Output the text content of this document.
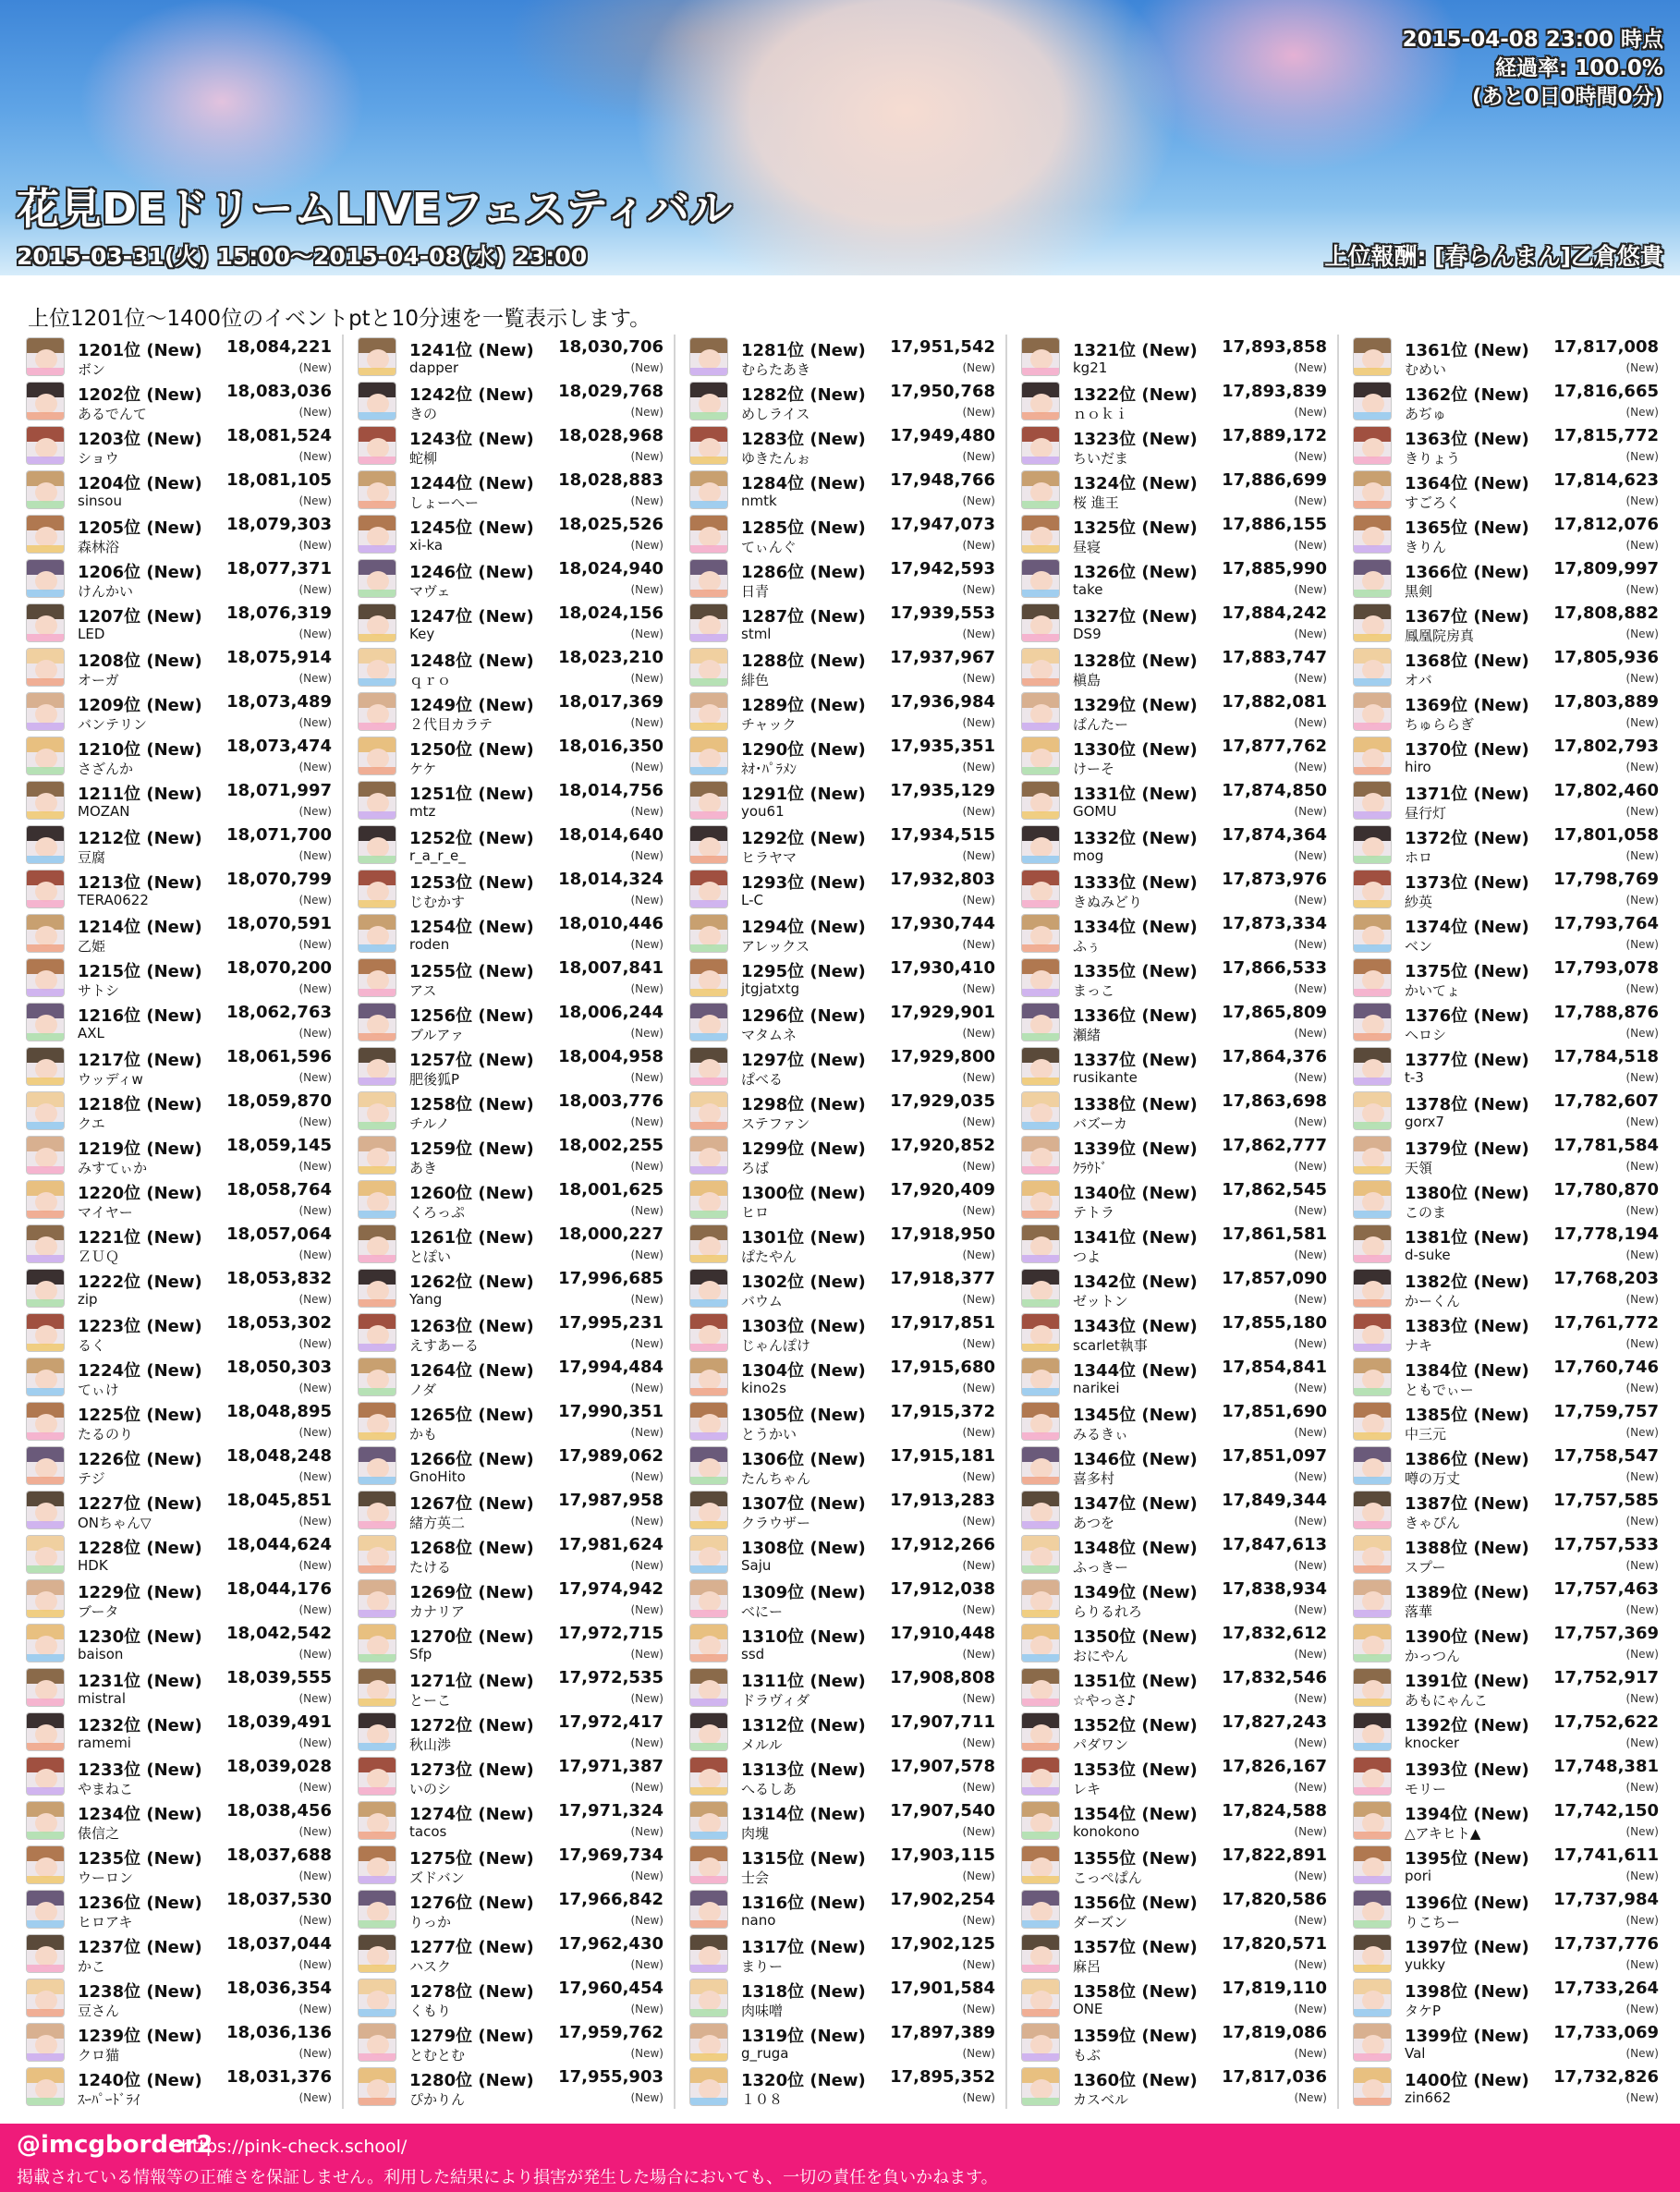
2015-04-08 23:00 時点
経過率: 100.0%
(あと0日0時間0分)
花見DEドリームLIVEフェスティバル
2015-03-31(火) 15:00～2015-04-08(水) 23:00	上位報酬: [春らんまん]乙倉悠貴
上位1201位～1400位のイベントptと10分速を一覧表示します。
1201位 (New) 18,084,221
ボン	(New)
1202位 (New) 18,083,036
あるでんて	(New)
1203位 (New) 18,081,524
ショウ	(New)
1204位 (New) 18,081,105
sinsou	(New)
1205位 (New) 18,079,303
森林浴	(New)
1206位 (New) 18,077,371
けんかい	(New)
1207位 (New) 18,076,319
LED	(New)
1208位 (New) 18,075,914
オーガ	(New)
1209位 (New) 18,073,489
バンテリン	(New)
1210位 (New) 18,073,474
さざんか	(New)
1211位 (New) 18,071,997
MOZAN	(New)
1212位 (New) 18,071,700
豆腐	(New)
1213位 (New) 18,070,799
TERA0622	(New)
1214位 (New) 18,070,591
乙姫	(New)
1215位 (New) 18,070,200
サトシ	(New)
1216位 (New) 18,062,763
AXL	(New)
1217位 (New) 18,061,596
ウッディw	(New)
1218位 (New) 18,059,870
クエ	(New)
1219位 (New) 18,059,145
みすてぃか	(New)
1220位 (New) 18,058,764
マイヤー	(New)
1221位 (New) 18,057,064
ＺＵＱ	(New)
1222位 (New) 18,053,832
zip	(New)
1223位 (New) 18,053,302
るく	(New)
1224位 (New) 18,050,303
てぃけ	(New)
1225位 (New) 18,048,895
たるのり	(New)
1226位 (New) 18,048,248
テジ	(New)
1227位 (New) 18,045,851
ONちゃん▽	(New)
1228位 (New) 18,044,624
HDK	(New)
1229位 (New) 18,044,176
ブータ	(New)
1230位 (New) 18,042,542
baison	(New)
1231位 (New) 18,039,555
mistral	(New)
1232位 (New) 18,039,491
ramemi	(New)
1233位 (New) 18,039,028
やまねこ	(New)
1234位 (New) 18,038,456
俵信之	(New)
1235位 (New) 18,037,688
ウーロン	(New)
1236位 (New) 18,037,530
ヒロアキ	(New)
1237位 (New) 18,037,044
かこ	(New)
1238位 (New) 18,036,354
豆さん	(New)
1239位 (New) 18,036,136
クロ猫	(New)
1240位 (New) 18,031,376
ｽｰﾊﾟｰﾄﾞﾗｲ	(New)
1241位 (New) 18,030,706
dapper	(New)
1242位 (New) 18,029,768
きの	(New)
1243位 (New) 18,028,968
蛇柳	(New)
1244位 (New) 18,028,883
しょーへー	(New)
1245位 (New) 18,025,526
xi-ka	(New)
1246位 (New) 18,024,940
マヴェ	(New)
1247位 (New) 18,024,156
Key	(New)
1248位 (New) 18,023,210
ｑｒｏ	(New)
1249位 (New) 18,017,369
２代目カラテ	(New)
1250位 (New) 18,016,350
ケケ	(New)
1251位 (New) 18,014,756
mtz	(New)
1252位 (New) 18,014,640
r_a_r_e_	(New)
1253位 (New) 18,014,324
じむかす	(New)
1254位 (New) 18,010,446
roden	(New)
1255位 (New) 18,007,841
アス	(New)
1256位 (New) 18,006,244
ブルアァ	(New)
1257位 (New) 18,004,958
肥後狐P	(New)
1258位 (New) 18,003,776
チルノ	(New)
1259位 (New) 18,002,255
あき	(New)
1260位 (New) 18,001,625
くろっぷ	(New)
1261位 (New) 18,000,227
とぽい	(New)
1262位 (New) 17,996,685
Yang	(New)
1263位 (New) 17,995,231
えすあーる	(New)
1264位 (New) 17,994,484
ノダ	(New)
1265位 (New) 17,990,351
かも	(New)
1266位 (New) 17,989,062
GnoHito	(New)
1267位 (New) 17,987,958
緒方英二	(New)
1268位 (New) 17,981,624
たける	(New)
1269位 (New) 17,974,942
カナリア	(New)
1270位 (New) 17,972,715
Sfp	(New)
1271位 (New) 17,972,535
とーこ	(New)
1272位 (New) 17,972,417
秋山渉	(New)
1273位 (New) 17,971,387
いのシ	(New)
1274位 (New) 17,971,324
tacos	(New)
1275位 (New) 17,969,734
ズドバン	(New)
1276位 (New) 17,966,842
りっか	(New)
1277位 (New) 17,962,430
ハスク	(New)
1278位 (New) 17,960,454
くもり	(New)
1279位 (New) 17,959,762
とむとむ	(New)
1280位 (New) 17,955,903
ぴかりん	(New)
1281位 (New) 17,951,542
むらたあき	(New)
1282位 (New) 17,950,768
めしライス	(New)
1283位 (New) 17,949,480
ゆきたんぉ	(New)
1284位 (New) 17,948,766
nmtk	(New)
1285位 (New) 17,947,073
てぃんぐ	(New)
1286位 (New) 17,942,593
日青	(New)
1287位 (New) 17,939,553
stml	(New)
1288位 (New) 17,937,967
緋色	(New)
1289位 (New) 17,936,984
チャック	(New)
1290位 (New) 17,935,351
ﾈｵ･ﾊﾟﾗﾒﾝ	(New)
1291位 (New) 17,935,129
you61	(New)
1292位 (New) 17,934,515
ヒラヤマ	(New)
1293位 (New) 17,932,803
L-C	(New)
1294位 (New) 17,930,744
アレックス	(New)
1295位 (New) 17,930,410
jtgjatxtg	(New)
1296位 (New) 17,929,901
マタムネ	(New)
1297位 (New) 17,929,800
ぱべる	(New)
1298位 (New) 17,929,035
ステファン	(New)
1299位 (New) 17,920,852
ろば	(New)
1300位 (New) 17,920,409
ヒロ	(New)
1301位 (New) 17,918,950
ぱたやん	(New)
1302位 (New) 17,918,377
バウム	(New)
1303位 (New) 17,917,851
じゃんぽけ	(New)
1304位 (New) 17,915,680
kino2s	(New)
1305位 (New) 17,915,372
とうかい	(New)
1306位 (New) 17,915,181
たんちゃん	(New)
1307位 (New) 17,913,283
クラウザー	(New)
1308位 (New) 17,912,266
Saju	(New)
1309位 (New) 17,912,038
べにー	(New)
1310位 (New) 17,910,448
ssd	(New)
1311位 (New) 17,908,808
ドラヴィダ	(New)
1312位 (New) 17,907,711
メルル	(New)
1313位 (New) 17,907,578
へるしあ	(New)
1314位 (New) 17,907,540
肉塊	(New)
1315位 (New) 17,903,115
士会	(New)
1316位 (New) 17,902,254
nano	(New)
1317位 (New) 17,902,125
まりー	(New)
1318位 (New) 17,901,584
肉味噌	(New)
1319位 (New) 17,897,389
g_ruga	(New)
1320位 (New) 17,895,352
１０８	(New)
1321位 (New) 17,893,858
kg21	(New)
1322位 (New) 17,893,839
ｎｏｋｉ	(New)
1323位 (New) 17,889,172
ちいだま	(New)
1324位 (New) 17,886,699
桜 進王	(New)
1325位 (New) 17,886,155
昼寝	(New)
1326位 (New) 17,885,990
take	(New)
1327位 (New) 17,884,242
DS9	(New)
1328位 (New) 17,883,747
槇島	(New)
1329位 (New) 17,882,081
ぱんたー	(New)
1330位 (New) 17,877,762
けーそ	(New)
1331位 (New) 17,874,850
GOMU	(New)
1332位 (New) 17,874,364
mog	(New)
1333位 (New) 17,873,976
きぬみどり	(New)
1334位 (New) 17,873,334
ふぅ	(New)
1335位 (New) 17,866,533
まっこ	(New)
1336位 (New) 17,865,809
瀬緒	(New)
1337位 (New) 17,864,376
rusikante	(New)
1338位 (New) 17,863,698
バズーカ	(New)
1339位 (New) 17,862,777
ｸﾗｳﾄﾞ	(New)
1340位 (New) 17,862,545
テトラ	(New)
1341位 (New) 17,861,581
つよ	(New)
1342位 (New) 17,857,090
ゼットン	(New)
1343位 (New) 17,855,180
scarlet執事	(New)
1344位 (New) 17,854,841
narikei	(New)
1345位 (New) 17,851,690
みるきぃ	(New)
1346位 (New) 17,851,097
喜多村	(New)
1347位 (New) 17,849,344
あつを	(New)
1348位 (New) 17,847,613
ふっきー	(New)
1349位 (New) 17,838,934
らりるれろ	(New)
1350位 (New) 17,832,612
おにやん	(New)
1351位 (New) 17,832,546
☆やっさ♪	(New)
1352位 (New) 17,827,243
パダワン	(New)
1353位 (New) 17,826,167
レキ	(New)
1354位 (New) 17,824,588
konokono	(New)
1355位 (New) 17,822,891
こっぺぱん	(New)
1356位 (New) 17,820,586
ダーズン	(New)
1357位 (New) 17,820,571
麻呂	(New)
1358位 (New) 17,819,110
ONE	(New)
1359位 (New) 17,819,086
もぶ	(New)
1360位 (New) 17,817,036
カスベル	(New)
1361位 (New) 17,817,008
むめい	(New)
1362位 (New) 17,816,665
あぢゅ	(New)
1363位 (New) 17,815,772
きりょう	(New)
1364位 (New) 17,814,623
すごろく	(New)
1365位 (New) 17,812,076
きりん	(New)
1366位 (New) 17,809,997
黒剣	(New)
1367位 (New) 17,808,882
鳳凰院房真	(New)
1368位 (New) 17,805,936
オバ	(New)
1369位 (New) 17,803,889
ちゅららぎ	(New)
1370位 (New) 17,802,793
hiro	(New)
1371位 (New) 17,802,460
昼行灯	(New)
1372位 (New) 17,801,058
ホロ	(New)
1373位 (New) 17,798,769
紗英	(New)
1374位 (New) 17,793,764
ベン	(New)
1375位 (New) 17,793,078
かいてょ	(New)
1376位 (New) 17,788,876
ヘロシ	(New)
1377位 (New) 17,784,518
t-3	(New)
1378位 (New) 17,782,607
gorx7	(New)
1379位 (New) 17,781,584
天領	(New)
1380位 (New) 17,780,870
このま	(New)
1381位 (New) 17,778,194
d-suke	(New)
1382位 (New) 17,768,203
かーくん	(New)
1383位 (New) 17,761,772
ナキ	(New)
1384位 (New) 17,760,746
ともでぃー	(New)
1385位 (New) 17,759,757
中三元	(New)
1386位 (New) 17,758,547
噂の万丈	(New)
1387位 (New) 17,757,585
きゃぴん	(New)
1388位 (New) 17,757,533
スプー	(New)
1389位 (New) 17,757,463
落華	(New)
1390位 (New) 17,757,369
かっつん	(New)
1391位 (New) 17,752,917
あもにゃんこ	(New)
1392位 (New) 17,752,622
knocker	(New)
1393位 (New) 17,748,381
モリー	(New)
1394位 (New) 17,742,150
△アキヒト▲	(New)
1395位 (New) 17,741,611
pori	(New)
1396位 (New) 17,737,984
りこちー	(New)
1397位 (New) 17,737,776
yukky	(New)
1398位 (New) 17,733,264
タケP	(New)
1399位 (New) 17,733,069
Val	(New)
1400位 (New) 17,732,826
zin662	(New)
@imcgborder2
https://pink-check.school/
掲載されている情報等の正確さを保証しません。利用した結果により損害が発生した場合においても、一切の責任を負いかねます。
